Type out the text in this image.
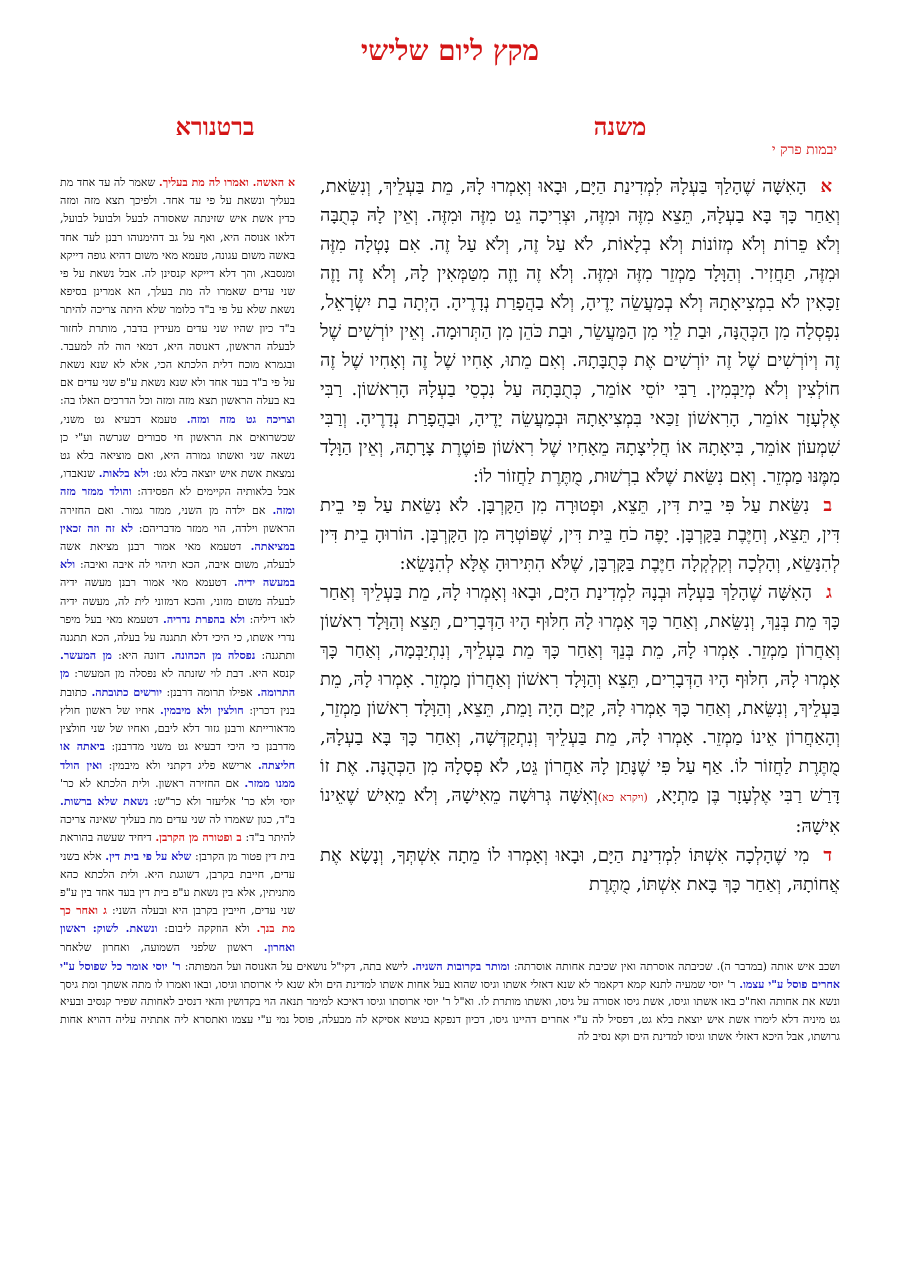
מקץ ליום שלישי
משנה
ברטנורא
יבמות פרק י

אהָאִשָּׁה שֶׁהָלַךְ בַּעְלָהּ לִמְדִינַת הַיָּם, וּבָאוּ וְאָמְרוּ לָהּ, מֵת בַּעְלֵיךְ, וְנִשֵּׂאת, וְאַחַר כָּךְ בָּא בַעְלָהּ, תֵּצֵא מִזֶּה וּמִזֶּה, וּצְרִיכָה גֵט מִזֶּה וּמִזֶּה. וְאֵין לָהּ כְּתֻבָּה וְלֹא פֵרוֹת וְלֹא מְזוֹנוֹת וְלֹא בְלָאוֹת, לֹא עַל זֶה, וְלֹא עַל זֶה. אִם נָטְלָה מִזֶּה וּמִזֶּה, תַּחֲזִיר. וְהַוָּלָד מַמְזֵר מִזֶּה וּמִזֶּה. וְלֹא זֶה וָזֶה מִטַּמְּאִין לָהּ, וְלֹא זֶה וָזֶה זַכָּאִין לֹא בִמְצִיאָתָהּ וְלֹא בְמַעֲשֵׂה יָדֶיהָ, וְלֹא בַהֲפָרַת נְדָרֶיהָ. הָיְתָה בַת יִשְׂרָאֵל, נִפְסְלָה מִן הַכְּהֻנָּה, וּבַת לֵוִי מִן הַמַּעֲשֵׂר, וּבַת כֹּהֵן מִן הַתְּרוּמָה. וְאֵין יוֹרְשִׁים שֶׁל זֶה וְיוֹרְשִׁים שֶׁל זֶה יוֹרְשִׁים אֶת כְּתֻבָּתָהּ. וְאִם מֵתוּ, אָחִיו שֶׁל זֶה וְאָחִיו שֶׁל זֶה חוֹלְצִין וְלֹא מְיַבְּמִין. רַבִּי יוֹסֵי אוֹמֵר, כְּתֻבָּתָהּ עַל נִכְסֵי בַעְלָהּ הָרִאשׁוֹן. רַבִּי אֶלְעָזָר אוֹמֵר, הָרִאשׁוֹן זַכַּאי בִּמְצִיאָתָהּ וּבְמַעֲשֵׂה יָדֶיהָ, וּבַהֲפָרַת נְדָרֶיהָ. וְרַבִּי שִׁמְעוֹן אוֹמֵר, בִּיאָתָהּ אוֹ חֲלִיצָתָהּ מֵאָחִיו שֶׁל רִאשׁוֹן פּוֹטֶרֶת צָרָתָהּ, וְאֵין הַוָּלָד מִמֶּנּוּ מַמְזֵר. וְאִם נִשֵּׂאת שֶׁלֹּא בִרְשׁוּת, מֻתֶּרֶת לַחֲזוֹר לוֹ:

בנִשֵּׂאת עַל פִּי בֵית דִּין, תֵּצֵא, וּפְטוּרָה מִן הַקָּרְבָּן. לֹא נִשֵּׂאת עַל פִּי בֵית דִּין, תֵּצֵא, וְחַיֶּבֶת בַּקָּרְבָּן. יָפֶה כֹחַ בֵּית דִּין, שֶׁפּוֹטְרָהּ מִן הַקָּרְבָּן. הוֹרוּהָ בֵית דִּין לְהִנָּשֵׂא, וְהָלְכָה וְקִלְקְלָה חַיֶּבֶת בַּקָּרְבָּן, שֶׁלֹּא הִתִּירוּהָ אֶלָּא לְהִנָּשֵׂא:

גהָאִשָּׁה שֶׁהָלַךְ בַּעְלָהּ וּבְנָהּ לִמְדִינַת הַיָּם, וּבָאוּ וְאָמְרוּ לָהּ, מֵת בַּעְלֵיךְ וְאַחַר כָּךְ מֵת בְּנֵךְ, וְנִשֵּׂאת, וְאַחַר כָּךְ אָמְרוּ לָהּ חִלּוּף הָיוּ הַדְּבָרִים, תֵּצֵא וְהַוָּלָד רִאשׁוֹן וְאַחֲרוֹן מַמְזֵר. אָמְרוּ לָהּ, מֵת בְּנֵךְ וְאַחַר כָּךְ מֵת בַּעְלֵיךְ, וְנִתְיַבְּמָה, וְאַחַר כָּךְ אָמְרוּ לָהּ, חִלּוּף הָיוּ הַדְּבָרִים, תֵּצֵא וְהַוָּלָד רִאשׁוֹן וְאַחֲרוֹן מַמְזֵר. אָמְרוּ לָהּ, מֵת בַּעְלֵיךְ, וְנִשֵּׂאת, וְאַחַר כָּךְ אָמְרוּ לָהּ, קַיָּם הָיָה וָמֵת, תֵּצֵא, וְהַוָּלָד רִאשׁוֹן מַמְזֵר, וְהָאַחֲרוֹן אֵינוֹ מַמְזֵר. אָמְרוּ לָהּ, מֵת בַּעְלֵיךְ וְנִתְקַדְּשָׁה, וְאַחַר כָּךְ בָּא בַעְלָהּ, מֻתֶּרֶת לַחֲזוֹר לוֹ. אַף עַל פִּי שֶׁנָּתַן לָהּ אַחֲרוֹן גֵּט, לֹא פְסָלָהּ מִן הַכְּהֻנָּה. אֶת זוֹ דָּרַשׁ רַבִּי אֶלְעָזָר בֶּן מַתְיָא, (ויקרא כא)וְאִשָּׁה גְּרוּשָׁה מֵאִישָׁהּ, וְלֹא מֵאִישׁ שֶׁאֵינוֹ אִישָׁהּ:

דמִי שֶׁהָלְכָה אִשְׁתּוֹ לִמְדִינַת הַיָּם, וּבָאוּ וְאָמְרוּ לוֹ מֵתָה אִשְׁתְּךָ, וְנָשָׂא אֶת אֲחוֹתָהּ, וְאַחַר כָּךְ בָּאת אִשְׁתּוֹ, מֻתֶּרֶת

א האשה. ואמרו לה מת בעליך. שאמר לה עד אחד מת בעליך ונשאת על פי עד אחד. ולפיכך תצא מזה ומזה כדין אשת איש שזינתה שאסורה לבעל ולבועל לבועל, דלאו אנוסה היא, ואף על גב דהימנוהו רבנן לעד אחד באשה משום עגונה, טעמא מאי משום דהיא גופה דייקא ומנסבא, והך דלא דייקא קנסינן לה. אבל נשאת על פי שני עדים שאמרו לה מת בעלך, הא אמרינן בסיפא נשאת שלא על פי ב"ד כלומר שלא היתה צריכה להיתר ב"ד כיון שהיו שני עדים מעידין בדבר, מותרת לחזור לבעלה הראשון, דאנוסה היא, דמאי הוה לה למעבד. ובגמרא מוכח דלית הלכתא הכי, אלא לא שנא נשאת על פי ב"ד בעד אחד ולא שנא נשאת ע"פ שני עדים אם בא בעלה הראשון תצא מזה ומזה וכל הדרכים האלו בה: וצריכה גט מזה ומזה. טעמא דבעיא גט משני, שכשרואים את הראשון חי סבורים שגרשה וע"י כן נשאה שני ואשתו גמורה היא, ואם מוציאה בלא גט נמצאת אשת איש יוצאה בלא גט: ולא בלאות. שנאבדו, אבל בלאותיה הקיימים לא הפסידה: והולד ממזר מזה ומזה. אם ילדה מן השני, ממזר גמור. ואם החזירה הראשון וילדה, הוי ממזר מדבריהם: לא זה וזה זכאין במציאתה. דטעמא מאי אמור רבנן מציאת אשה לבעלה, משום איבה, הכא תיהוי לה איבה ואיבה: ולא במעשה ידיה. דטעמא מאי אמור רבנן מעשה ידיה לבעלה משום מזוני, והכא דמזוני לית לה, מעשה ידיה לאו דיליה: ולא בהפרת נדריה. דטעמא מאי בעל מיפר נדרי אשתו, כי היכי דלא תתגנה על בעלה, הכא תתגנה ותתגנה: נפסלה מן הכהונה. דזונה היא: מן המעשר. קנסא היא. דבת לוי שזנתה לא נפסלה מן המעשר: מן התרומה. אפילו תרומה דרבנן: יורשים כתובתה. כתובת בנין דכרין: חולצין ולא מיבמין. אחיו של ראשון חולץ מדאורייתא ורבנן גזור דלא ליבם, ואחיו של שני חולצין מדרבנן כי היכי דבעיא גט משני מדרבנן: ביאתה או חליצתה. ארישא פליג דקתני ולא מיבמין: ואין הולד ממנו ממזר. אם החזירה ראשון. ולית הלכתא לא כר' יוסי ולא כר' אליעזר ולא כר"ש: נשאת שלא ברשות. ב"ד, כגון שאמרו לה שני עדים מת בעליך שאינה צריכה להיתר ב"ד: ב ופטורה מן הקרבן. דיחיד שעשה בהוראת בית דין פטור מן הקרבן: שלא על פי בית דין. אלא בשני עדים, חייבת בקרבן, דשוגגת היא. ולית הלכתא כהא מתניתין, אלא בין נשאת ע"פ בית דין בעד אחד בין ע"פ שני עדים, חייבין בקרבן היא ובעלה השני: ג ואחר כך מת בנך. ולא הוזקקה ליבום: ונשאת. לשוק: ראשון ואחרון. ראשון שלפני השמועה, ואחרון שלאחר
ושכב איש אותה (במדבר ה). שכיבתה אוסרתה ואין שכיבת אחותה אוסרתה: ומותר בקרובות השניה. לישא בתה, דקי"ל נושאים על האנוסה ועל המפותה: ר' יוסי אומר כל שפוסל ע"י אחרים פוסל ע"י עצמו. ר' יוסי שמעיה לתנא קמא דקאמר לא שנא דאזלי אשתו וגיסו שהוא בעל אחות אשתו למדינת הים ולא שנא לי ארוסתו וגיסו, ובאו ואמרו לו מתה אשתך ומת גיסך ונשא את אחותה ואח"כ באו אשתו וגיסו, אשת גיסו אסורה על גיסו, ואשתו מותרת לו. וא"ל ר' יוסי ארוסתו וגיסו דאיכא למימר תנאה הוי בקדושין והאי דנסיב לאחותה שפיר קנסיב ובעיא גט מיניה דלא לימרו אשת איש יוצאת בלא גט, דפסיל לה ע"י אחרים דהיינו גיסו, דכיון דנפקא בגיטא אסיקא לה מבעלה, פוסל נמי ע"י עצמו ואתסרא ליה אתתיה עליה דהויא אחות גרושתו, אבל היכא דאזלי אשתו וגיסו למדינת הים וקא נסיב לה
